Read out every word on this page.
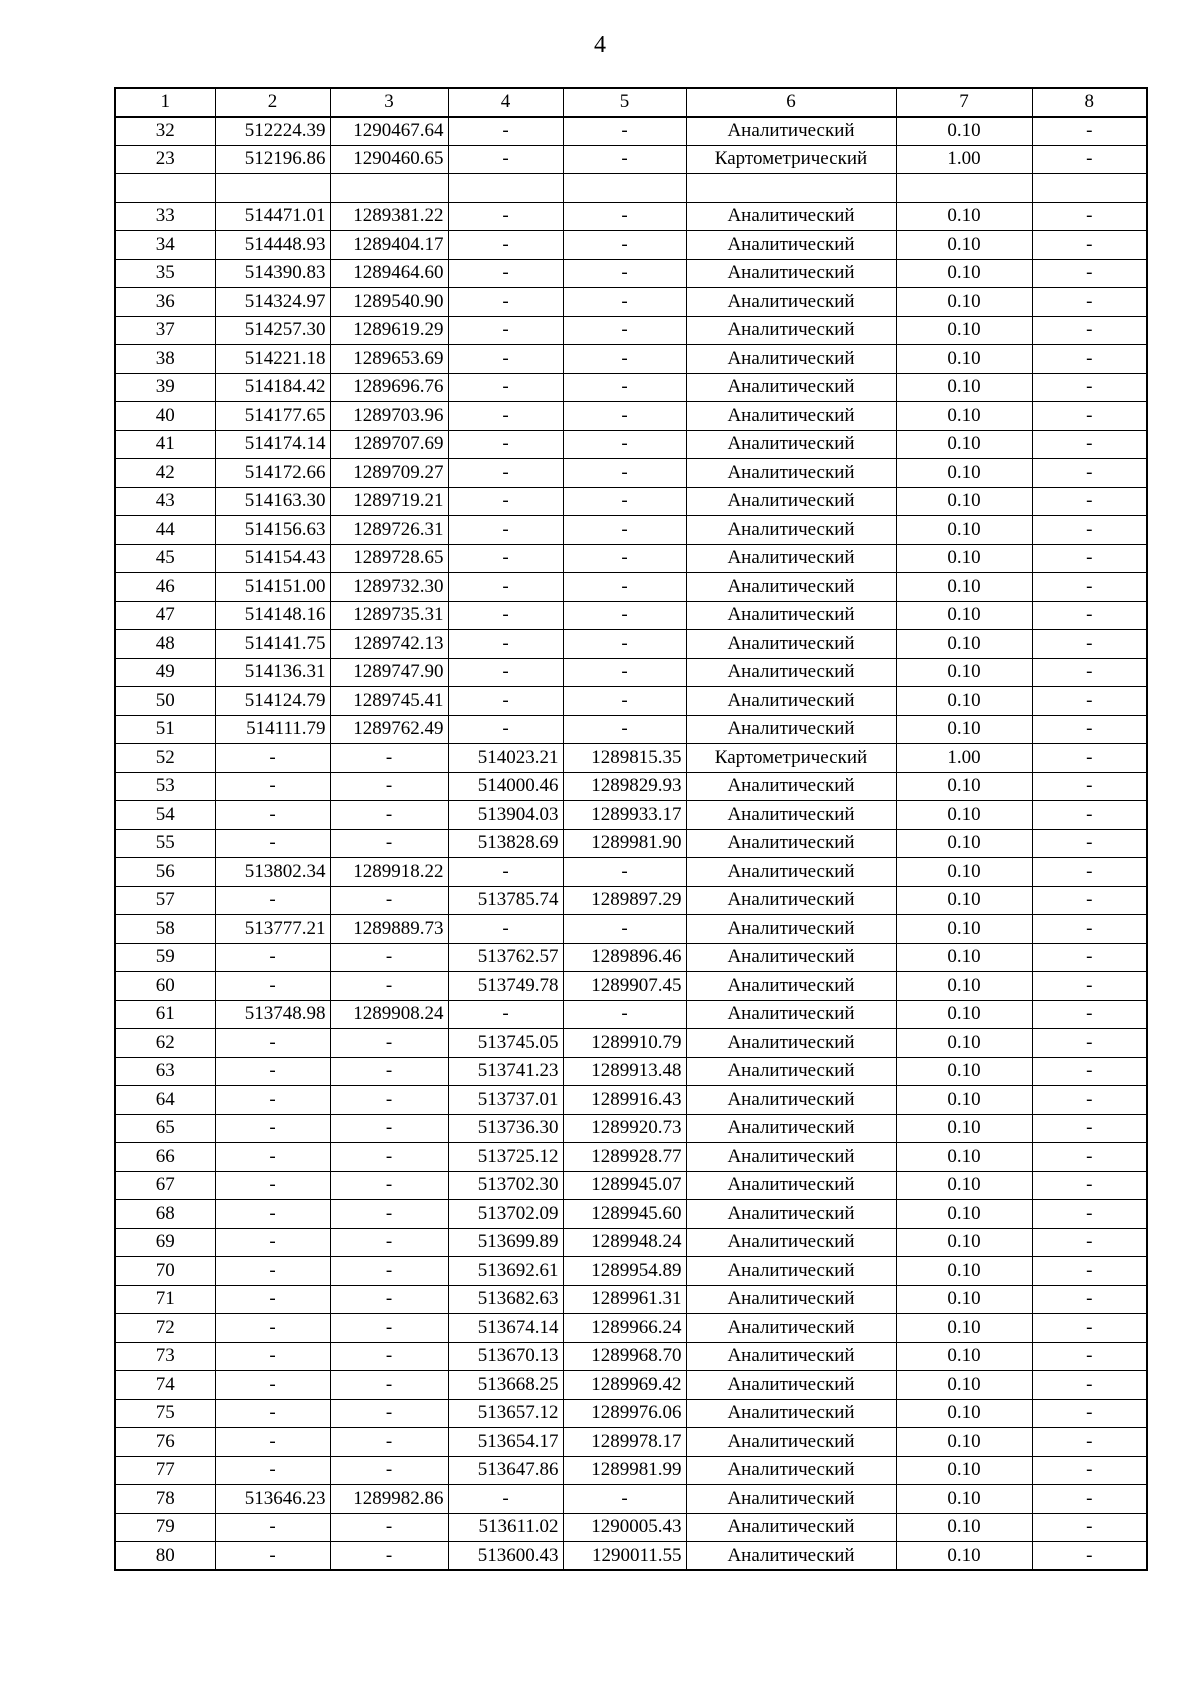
4
1	2	3	4	5	6	7	8
32	512224.39	1290467.64	-	-	Аналитический	0.10	-
23	512196.86	1290460.65	-	-	Картометрический	1.00	-

33	514471.01	1289381.22	-	-	Аналитический	0.10	-
34	514448.93	1289404.17	-	-	Аналитический	0.10	-
35	514390.83	1289464.60	-	-	Аналитический	0.10	-
36	514324.97	1289540.90	-	-	Аналитический	0.10	-
37	514257.30	1289619.29	-	-	Аналитический	0.10	-
38	514221.18	1289653.69	-	-	Аналитический	0.10	-
39	514184.42	1289696.76	-	-	Аналитический	0.10	-
40	514177.65	1289703.96	-	-	Аналитический	0.10	-
41	514174.14	1289707.69	-	-	Аналитический	0.10	-
42	514172.66	1289709.27	-	-	Аналитический	0.10	-
43	514163.30	1289719.21	-	-	Аналитический	0.10	-
44	514156.63	1289726.31	-	-	Аналитический	0.10	-
45	514154.43	1289728.65	-	-	Аналитический	0.10	-
46	514151.00	1289732.30	-	-	Аналитический	0.10	-
47	514148.16	1289735.31	-	-	Аналитический	0.10	-
48	514141.75	1289742.13	-	-	Аналитический	0.10	-
49	514136.31	1289747.90	-	-	Аналитический	0.10	-
50	514124.79	1289745.41	-	-	Аналитический	0.10	-
51	514111.79	1289762.49	-	-	Аналитический	0.10	-
52	-	-	514023.21	1289815.35	Картометрический	1.00	-
53	-	-	514000.46	1289829.93	Аналитический	0.10	-
54	-	-	513904.03	1289933.17	Аналитический	0.10	-
55	-	-	513828.69	1289981.90	Аналитический	0.10	-
56	513802.34	1289918.22	-	-	Аналитический	0.10	-
57	-	-	513785.74	1289897.29	Аналитический	0.10	-
58	513777.21	1289889.73	-	-	Аналитический	0.10	-
59	-	-	513762.57	1289896.46	Аналитический	0.10	-
60	-	-	513749.78	1289907.45	Аналитический	0.10	-
61	513748.98	1289908.24	-	-	Аналитический	0.10	-
62	-	-	513745.05	1289910.79	Аналитический	0.10	-
63	-	-	513741.23	1289913.48	Аналитический	0.10	-
64	-	-	513737.01	1289916.43	Аналитический	0.10	-
65	-	-	513736.30	1289920.73	Аналитический	0.10	-
66	-	-	513725.12	1289928.77	Аналитический	0.10	-
67	-	-	513702.30	1289945.07	Аналитический	0.10	-
68	-	-	513702.09	1289945.60	Аналитический	0.10	-
69	-	-	513699.89	1289948.24	Аналитический	0.10	-
70	-	-	513692.61	1289954.89	Аналитический	0.10	-
71	-	-	513682.63	1289961.31	Аналитический	0.10	-
72	-	-	513674.14	1289966.24	Аналитический	0.10	-
73	-	-	513670.13	1289968.70	Аналитический	0.10	-
74	-	-	513668.25	1289969.42	Аналитический	0.10	-
75	-	-	513657.12	1289976.06	Аналитический	0.10	-
76	-	-	513654.17	1289978.17	Аналитический	0.10	-
77	-	-	513647.86	1289981.99	Аналитический	0.10	-
78	513646.23	1289982.86	-	-	Аналитический	0.10	-
79	-	-	513611.02	1290005.43	Аналитический	0.10	-
80	-	-	513600.43	1290011.55	Аналитический	0.10	-
